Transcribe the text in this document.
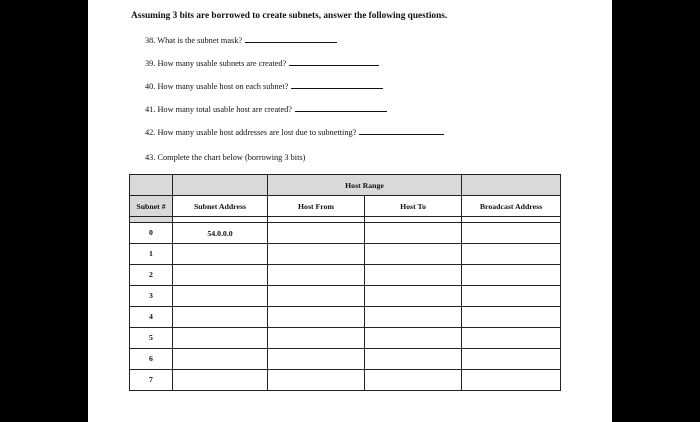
Assuming 3 bits are borrowed to create subnets, answer the following questions.
38. What is the subnet mask?
39. How many usable subnets are created?
40. How many usable host on each subnet?
41. How many total usable host are created?
42. How many usable host addresses are lost due to subnetting?
43. Complete the chart below (borrowing 3 bits)
		Host Range		
Subnet #	Subnet Address	Host From	Host To	Broadcast Address

0	54.0.0.0			

1				

2				

3				

4				

5				

6				

7				
